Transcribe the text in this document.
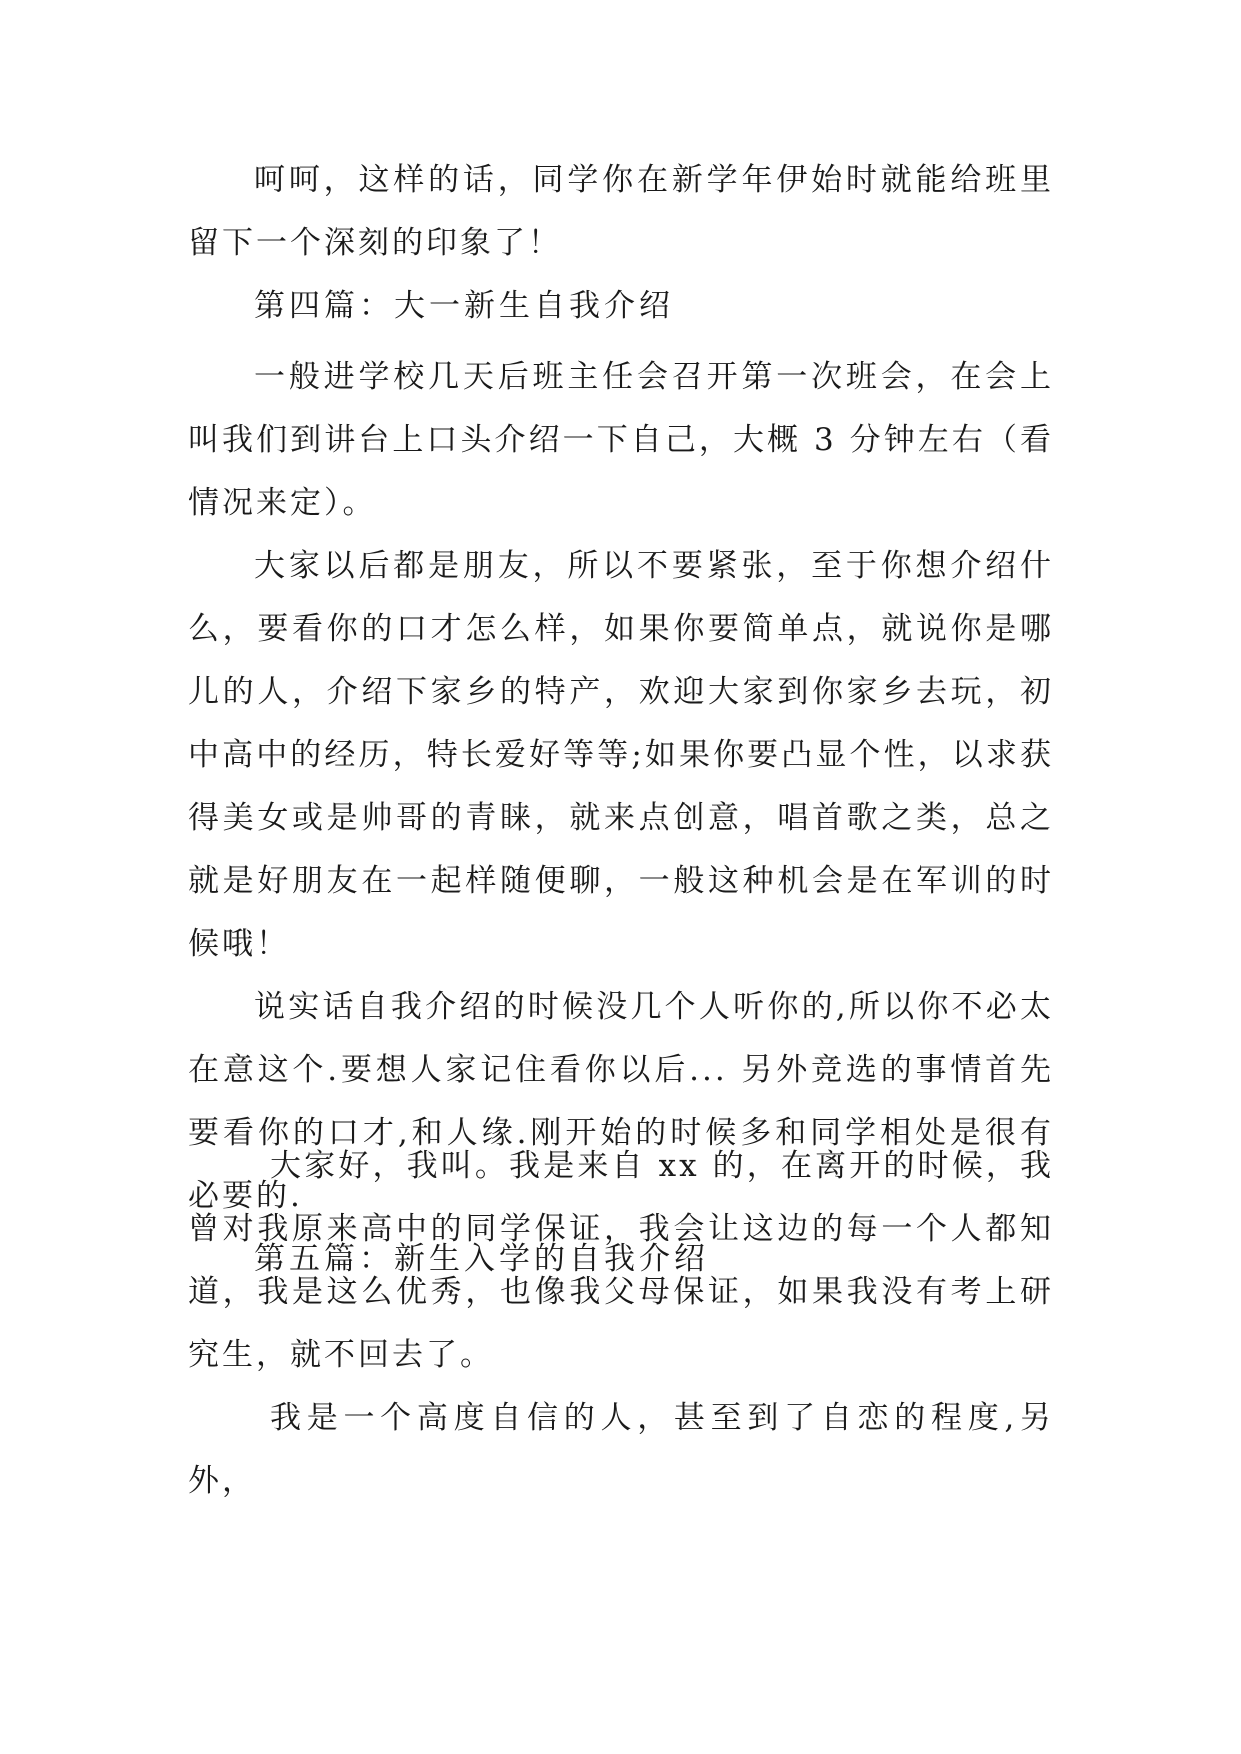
呵呵，这样的话，同学你在新学年伊始时就能给班里留下一个深刻的印象了！

第四篇：大一新生自我介绍

一般进学校几天后班主任会召开第一次班会，在会上叫我们到讲台上口头介绍一下自己，大概 3 分钟左右（看情况来定）。

大家以后都是朋友，所以不要紧张，至于你想介绍什么，要看你的口才怎么样，如果你要简单点，就说你是哪儿的人，介绍下家乡的特产，欢迎大家到你家乡去玩，初中高中的经历，特长爱好等等;如果你要凸显个性，以求获得美女或是帅哥的青睐，就来点创意，唱首歌之类，总之就是好朋友在一起样随便聊，一般这种机会是在军训的时候哦！

说实话自我介绍的时候没几个人听你的,所以你不必太在意这个.要想人家记住看你以后... 另外竞选的事情首先要看你的口才,和人缘.刚开始的时候多和同学相处是很有必要的.

第五篇：新生入学的自我介绍

大家好，我叫。我是来自 xx 的，在离开的时候，我曾对我原来高中的同学保证，我会让这边的每一个人都知道，我是这么优秀，也像我父母保证，如果我没有考上研究生，就不回去了。

我是一个高度自信的人，甚至到了自恋的程度,另外，
